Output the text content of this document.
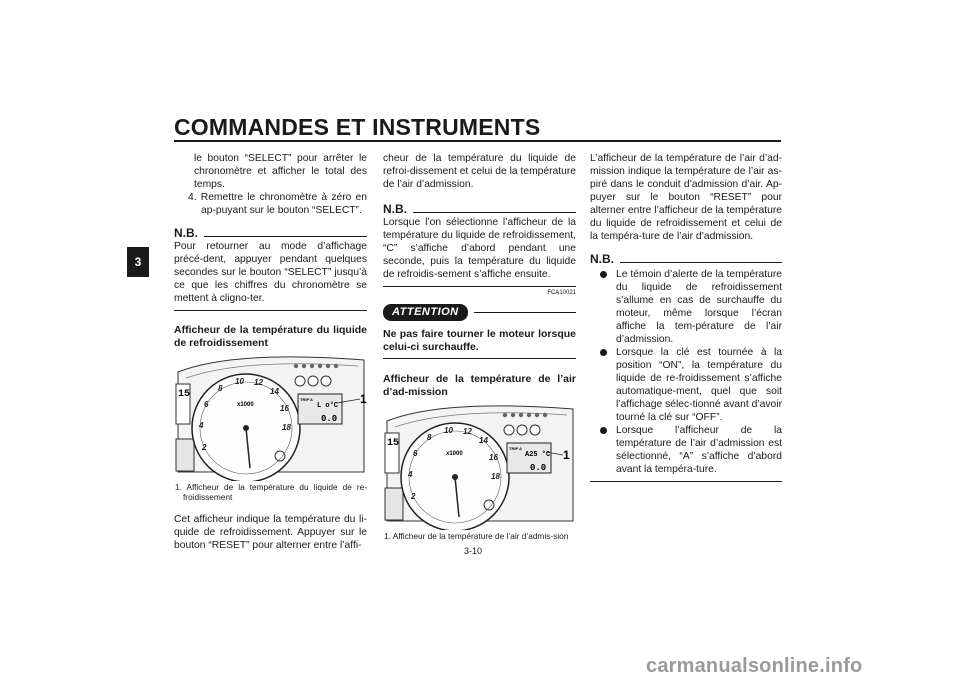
COMMANDES ET INSTRUMENTS
3

le bouton “SELECT” pour arrêter le chronomètre et afficher le total des temps.

4. Remettre le chronomètre à zéro en ap-puyant sur le bouton “SELECT”.

N.B.

Pour retourner au mode d’affichage précé-dent, appuyer pendant quelques secondes sur le bouton “SELECT” jusqu’à ce que les chiffres du chronomètre se mettent à cligno-ter.

Afficheur de la température du liquide de refroidissement

2
4
6
8
10 12
14
16
18
x1000
TRIP A
L o°C
0.0
15	1

1. Afficheur de la température du liquide de re-froidissement

Cet afficheur indique la température du li-quide de refroidissement. Appuyer sur le bouton “RESET” pour alterner entre l’affi-

cheur de la température du liquide de refroi-dissement et celui de la température de l’air d’admission.

N.B.

Lorsque l’on sélectionne l’afficheur de la température du liquide de refroidissement, “C” s’affiche d’abord pendant une seconde, puis la température du liquide de refroidis-sement s’affiche ensuite.

FCA10021
ATTENTION

Ne pas faire tourner le moteur lorsque celui-ci surchauffe.

Afficheur de la température de l’air d’ad-mission

2
4
6
8
10 12
14
16
18
x1000
TRIP A
A25 °C
0.0
15
1

1. Afficheur de la température de l’air d’admis-sion

L’afficheur de la température de l’air d’ad-mission indique la température de l’air as-piré dans le conduit d’admission d’air. Ap-puyer sur le bouton “RESET” pour alterner entre l’afficheur de la température du liquide de refroidissement et celui de la tempéra-ture de l’air d’admission.

N.B.

Le témoin d’alerte de la température du liquide de refroidissement s’allume en cas de surchauffe du moteur, même lorsque l’écran affiche la tem-pérature de l’air d’admission.

Lorsque la clé est tournée à la position “ON”, la température du liquide de re-froidissement s’affiche automatique-ment, quel que soit l’affichage sélec-tionné avant d’avoir tourné la clé sur “OFF”.

Lorsque l’afficheur de la température de l’air d’admission est sélectionné, “A” s’affiche d’abord avant la tempéra-ture.

3-10
carmanualsonline.info
